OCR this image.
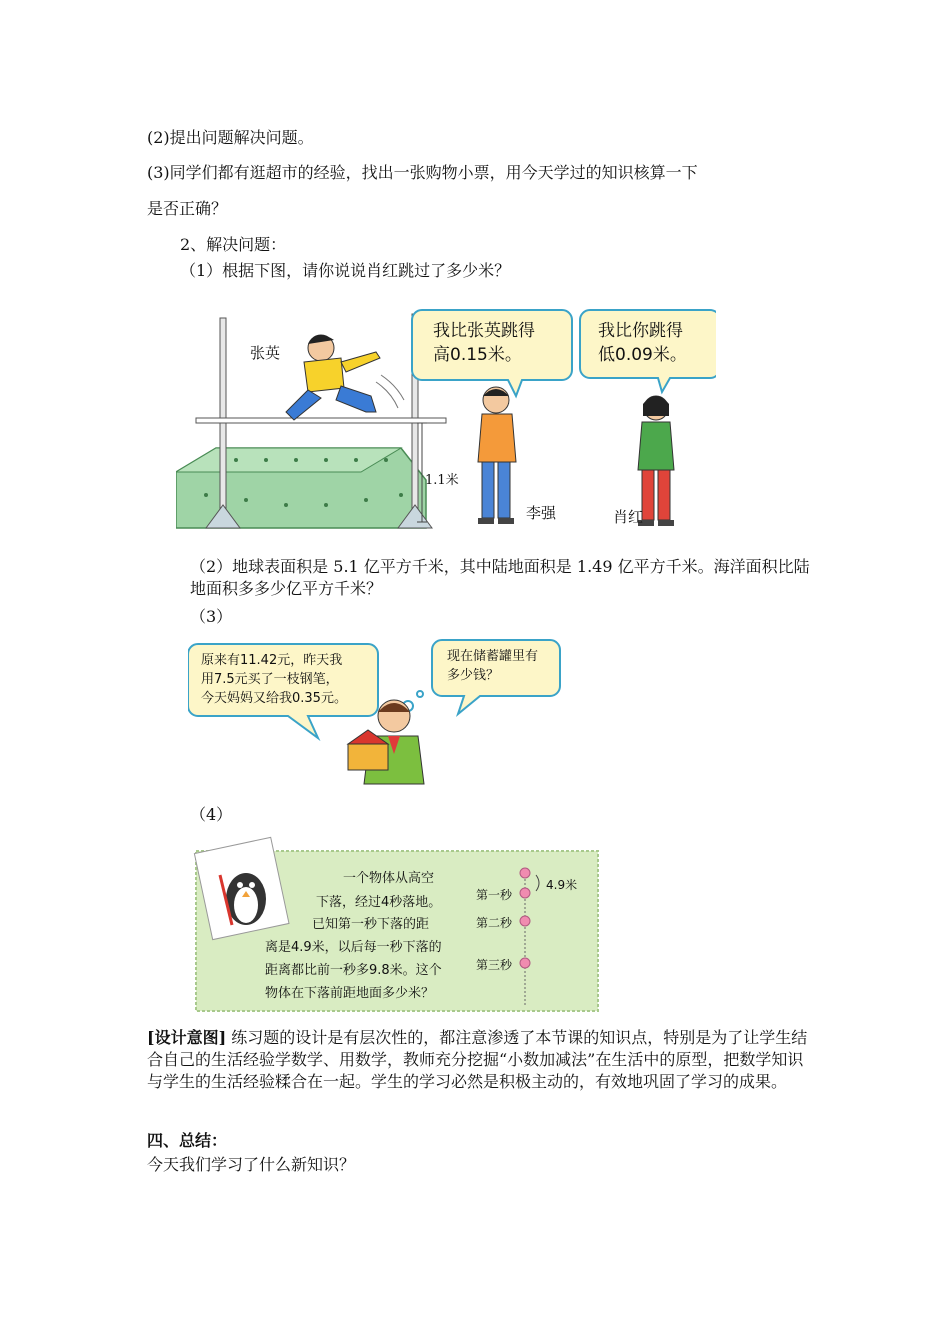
(2)提出问题解决问题。
(3)同学们都有逛超市的经验，找出一张购物小票，用今天学过的知识核算一下
是否正确？
2、解决问题：
（1）根据下图，请你说说肖红跳过了多少米？
张英
1.1米
李强	肖红
我比张英跳得
高0.15米。
我比你跳得
低0.09米。
（2）地球表面积是 5.1 亿平方千米，其中陆地面积是 1.49 亿平方千米。海洋面积比陆地面积多多少亿平方千米？
（3）
原来有11.42元，昨天我
用7.5元买了一枝钢笔，
今天妈妈又给我0.35元。
现在储蓄罐里有
多少钱？
（4）
一个物体从高空
下落，经过4秒落地。
已知第一秒下落的距
离是4.9米，以后每一秒下落的
距离都比前一秒多9.8米。这个
物体在下落前距地面多少米？
第一秒
第二秒
第三秒
4.9米
[设计意图] 练习题的设计是有层次性的，都注意渗透了本节课的知识点，特别是为了让学生结合自己的生活经验学数学、用数学，教师充分挖掘“小数加减法”在生活中的原型，把数学知识与学生的生活经验糅合在一起。学生的学习必然是积极主动的，有效地巩固了学习的成果。
四、总结：
今天我们学习了什么新知识？
